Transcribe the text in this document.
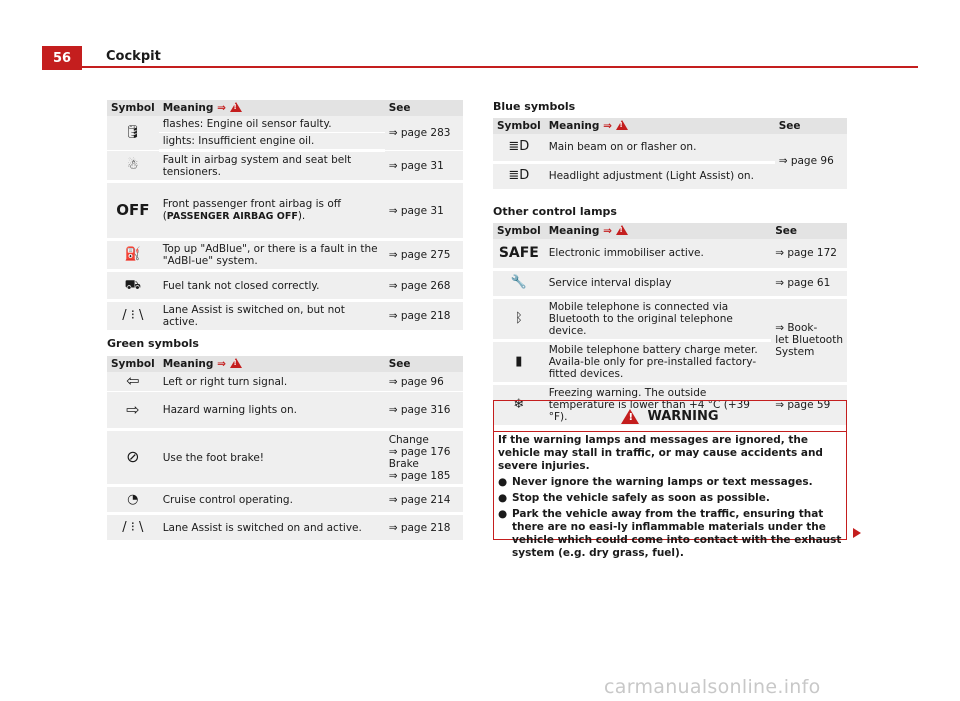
56	Cockpit
Symbol	Meaning ⇒ !	See
🛢	flashes: Engine oil sensor faulty.	⇒ page 283
	lights: Insufficient engine oil.	
☃	Fault in airbag system and seat belt tensioners.	⇒ page 31
OFF	Front passenger front airbag is off (PASSENGER AIRBAG OFF).	⇒ page 31
⛽	Top up "AdBlue", or there is a fault in the "AdBl-ue" system.	⇒ page 275
⛟	Fuel tank not closed correctly.	⇒ page 268
/ ⁝ \	Lane Assist is switched on, but not active.	⇒ page 218
Green symbols
Symbol	Meaning ⇒ !	See
⇦	Left or right turn signal.	⇒ page 96
⇨	Hazard warning lights on.	⇒ page 316
⊘	Use the foot brake!	Change
⇒ page 176
Brake
⇒ page 185

◔	Cruise control operating.	⇒ page 214
/ ⁝ \	Lane Assist is switched on and active.	⇒ page 218
Blue symbols
Symbol	Meaning ⇒ !	See
≣D	Main beam on or flasher on.	⇒ page 96
≣D	Headlight adjustment (Light Assist) on.	
Other control lamps
Symbol	Meaning ⇒ !	See
SAFE	Electronic immobiliser active.	⇒ page 172
🔧	Service interval display	⇒ page 61
ᛒ	Mobile telephone is connected via Bluetooth to the original telephone device.	⇒ Book-
let Bluetooth
System

▮	Mobile telephone battery charge meter. Availa-ble only for pre-installed factory-fitted devices.	
❄	Freezing warning. The outside temperature is lower than +4 °C (+39 °F).	⇒ page 59
!
WARNING

If the warning lamps and messages are ignored, the vehicle may stall in traffic, or may cause accidents and severe injuries.

● Never ignore the warning lamps or text messages.
● Stop the vehicle safely as soon as possible.
● Park the vehicle away from the traffic, ensuring that there are no easi-ly inflammable materials under the vehicle which could come into contact with the exhaust system (e.g. dry grass, fuel).
carmanualsonline.info
